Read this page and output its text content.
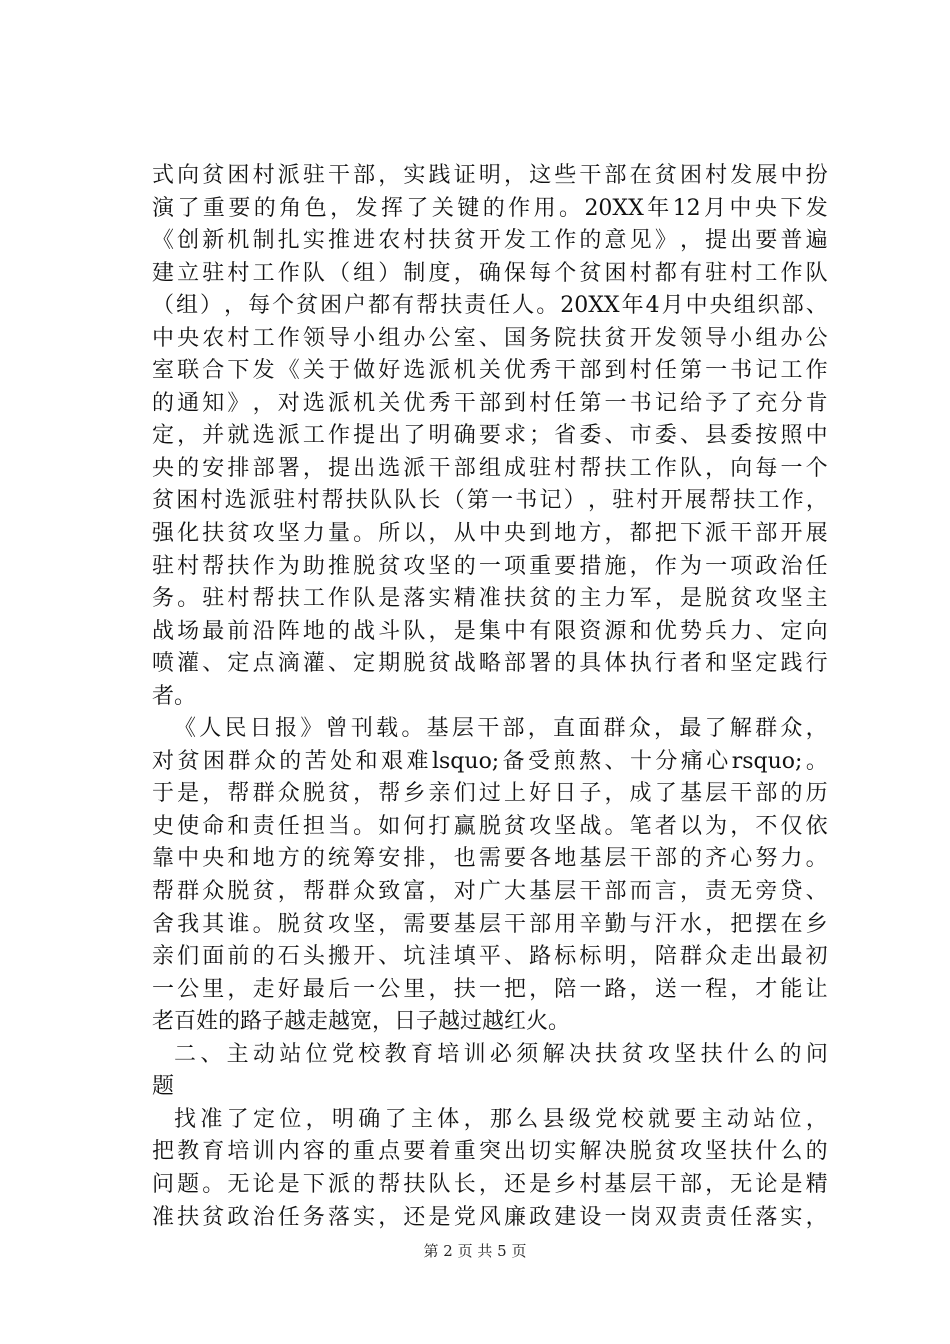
式 向 贫 困 村 派 驻 干 部 ， 实 践 证 明 ， 这 些 干 部 在 贫 困 村 发 展 中 扮
演 了 重 要 的 角 色 ， 发 挥 了 关 键 的 作 用 。 20XX 年 12 月 中 央 下 发
《 创 新 机 制 扎 实 推 进 农 村 扶 贫 开 发 工 作 的 意 见 》 ， 提 出 要 普 遍
建 立 驻 村 工 作 队 （ 组 ） 制 度 ， 确 保 每 个 贫 困 村 都 有 驻 村 工 作 队
（ 组 ） ， 每 个 贫 困 户 都 有 帮 扶 责 任 人 。 20XX 年 4 月 中 央 组 织 部 、
中 央 农 村 工 作 领 导 小 组 办 公 室 、 国 务 院 扶 贫 开 发 领 导 小 组 办 公
室 联 合 下 发 《 关 于 做 好 选 派 机 关 优 秀 干 部 到 村 任 第 一 书 记 工 作
的 通 知 》 ， 对 选 派 机 关 优 秀 干 部 到 村 任 第 一 书 记 给 予 了 充 分 肯
定 ， 并 就 选 派 工 作 提 出 了 明 确 要 求 ； 省 委 、 市 委 、 县 委 按 照 中
央 的 安 排 部 署 ， 提 出 选 派 干 部 组 成 驻 村 帮 扶 工 作 队 ， 向 每 一 个
贫 困 村 选 派 驻 村 帮 扶 队 队 长 （ 第 一 书 记 ） ， 驻 村 开 展 帮 扶 工 作 ，
强 化 扶 贫 攻 坚 力 量 。 所 以 ， 从 中 央 到 地 方 ， 都 把 下 派 干 部 开 展
驻 村 帮 扶 作 为 助 推 脱 贫 攻 坚 的 一 项 重 要 措 施 ， 作 为 一 项 政 治 任
务 。 驻 村 帮 扶 工 作 队 是 落 实 精 准 扶 贫 的 主 力 军 ， 是 脱 贫 攻 坚 主
战 场 最 前 沿 阵 地 的 战 斗 队 ， 是 集 中 有 限 资 源 和 优 势 兵 力 、 定 向
喷 灌 、 定 点 滴 灌 、 定 期 脱 贫 战 略 部 署 的 具 体 执 行 者 和 坚 定 践 行
者。
《 人 民 日 报 》 曾 刊 载 。 基 层 干 部 ， 直 面 群 众 ， 最 了 解 群 众 ，
对 贫 困 群 众 的 苦 处 和 艰 难 lsquo; 备 受 煎 熬 、 十 分 痛 心 rsquo; 。
于 是 ， 帮 群 众 脱 贫 ， 帮 乡 亲 们 过 上 好 日 子 ， 成 了 基 层 干 部 的 历
史 使 命 和 责 任 担 当 。 如 何 打 赢 脱 贫 攻 坚 战 。 笔 者 以 为 ， 不 仅 依
靠 中 央 和 地 方 的 统 筹 安 排 ， 也 需 要 各 地 基 层 干 部 的 齐 心 努 力 。
帮 群 众 脱 贫 ， 帮 群 众 致 富 ， 对 广 大 基 层 干 部 而 言 ， 责 无 旁 贷 、
舍 我 其 谁 。 脱 贫 攻 坚 ， 需 要 基 层 干 部 用 辛 勤 与 汗 水 ， 把 摆 在 乡
亲 们 面 前 的 石 头 搬 开 、 坑 洼 填 平 、 路 标 标 明 ， 陪 群 众 走 出 最 初
一 公 里 ， 走 好 最 后 一 公 里 ， 扶 一 把 ， 陪 一 路 ， 送 一 程 ， 才 能 让
老百姓的路子越走越宽，日子越过越红火。
二 、 主 动 站 位 党 校 教 育 培 训 必 须 解 决 扶 贫 攻 坚 扶 什 么 的 问
题
找 准 了 定 位 ， 明 确 了 主 体 ， 那 么 县 级 党 校 就 要 主 动 站 位 ，
把 教 育 培 训 内 容 的 重 点 要 着 重 突 出 切 实 解 决 脱 贫 攻 坚 扶 什 么 的
问 题 。 无 论 是 下 派 的 帮 扶 队 长 ， 还 是 乡 村 基 层 干 部 ， 无 论 是 精
准 扶 贫 政 治 任 务 落 实 ， 还 是 党 风 廉 政 建 设 一 岗 双 责 责 任 落 实 ，
第 2 页 共 5 页
